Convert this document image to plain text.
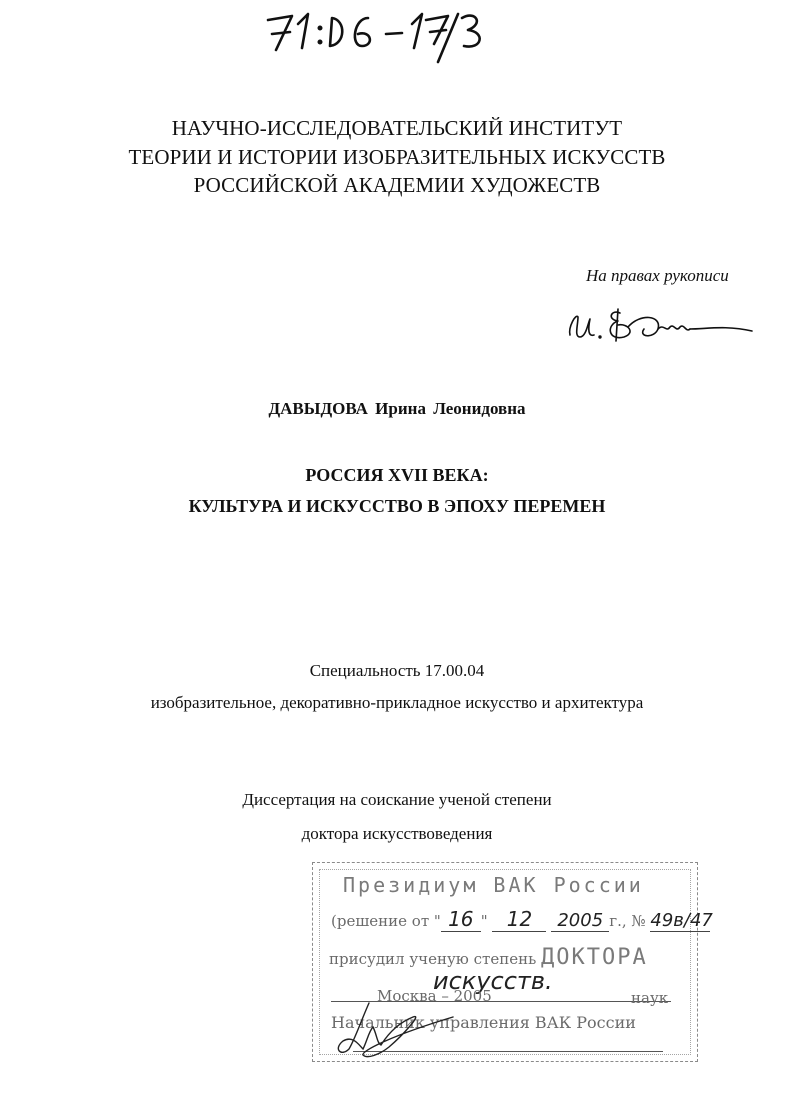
НАУЧНО-ИССЛЕДОВАТЕЛЬСКИЙ ИНСТИТУТ
ТЕОРИИ И ИСТОРИИ ИЗОБРАЗИТЕЛЬНЫХ ИСКУССТВ
РОССИЙСКОЙ АКАДЕМИИ ХУДОЖЕСТВ
На правах рукописи
ДАВЫДОВА Ирина Леонидовна
РОССИЯ XVII ВЕКА:
КУЛЬТУРА И ИСКУССТВО В ЭПОХУ ПЕРЕМЕН
Специальность 17.00.04
изобразительное, декоративно-прикладное искусство и архитектура
Диссертация на соискание ученой степени
доктора искусствоведения
Президиум ВАК России
(решение от " 16 " 12 2005 г., № 49в/47
присудил ученую степень ДОКТОРА
искусств.
Москва – 2005	наук
Начальник управления ВАК России
